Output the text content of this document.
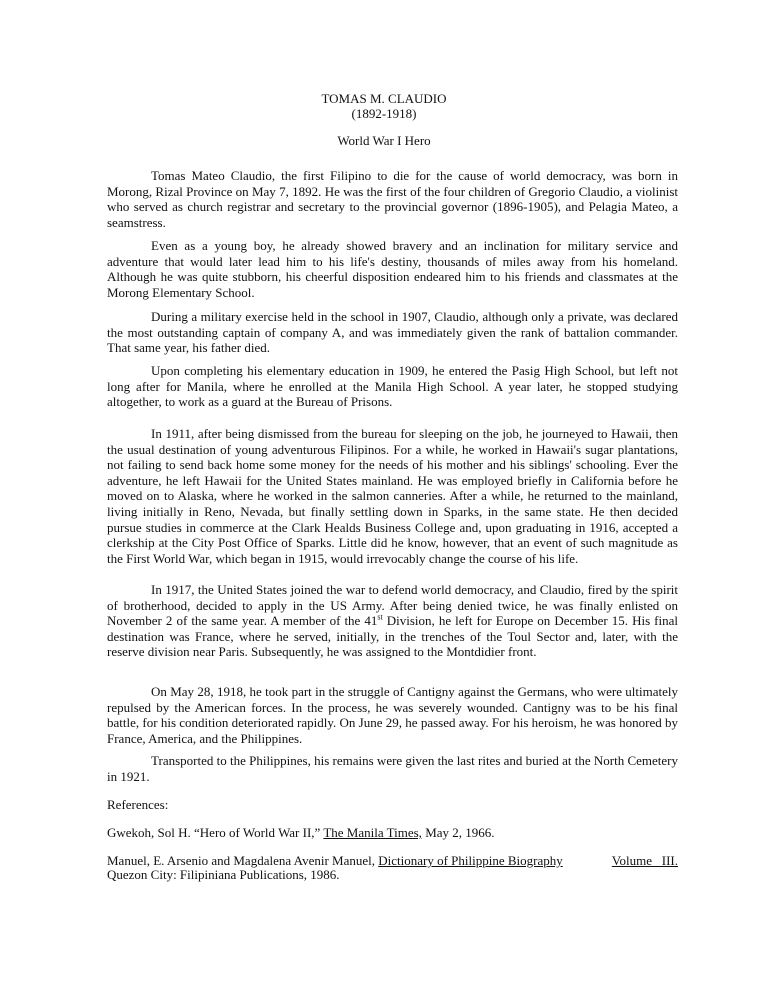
TOMAS M. CLAUDIO

(1892-1918)

World War I Hero

Tomas Mateo Claudio, the first Filipino to die for the cause of world democracy, was born in Morong, Rizal Province on May 7, 1892. He was the first of the four children of Gregorio Claudio, a violinist who served as church registrar and secretary to the provincial governor (1896-1905), and Pelagia Mateo, a seamstress.

Even as a young boy, he already showed bravery and an inclination for military service and adventure that would later lead him to his life's destiny, thousands of miles away from his homeland. Although he was quite stubborn, his cheerful disposition endeared him to his friends and classmates at the Morong Elementary School.

During a military exercise held in the school in 1907, Claudio, although only a private, was declared the most outstanding captain of company A, and was immediately given the rank of battalion commander. That same year, his father died.

Upon completing his elementary education in 1909, he entered the Pasig High School, but left not long after for Manila, where he enrolled at the Manila High School. A year later, he stopped studying altogether, to work as a guard at the Bureau of Prisons.

In 1911, after being dismissed from the bureau for sleeping on the job, he journeyed to Hawaii, then the usual destination of young adventurous Filipinos. For a while, he worked in Hawaii's sugar plantations, not failing to send back home some money for the needs of his mother and his siblings' schooling. Ever the adventure, he left Hawaii for the United States mainland. He was employed briefly in California before he moved on to Alaska, where he worked in the salmon canneries. After a while, he returned to the mainland, living initially in Reno, Nevada, but finally settling down in Sparks, in the same state. He then decided pursue studies in commerce at the Clark Healds Business College and, upon graduating in 1916, accepted a clerkship at the City Post Office of Sparks. Little did he know, however, that an event of such magnitude as the First World War, which began in 1915, would irrevocably change the course of his life.

In 1917, the United States joined the war to defend world democracy, and Claudio, fired by the spirit of brotherhood, decided to apply in the US Army. After being denied twice, he was finally enlisted on November 2 of the same year. A member of the 41st Division, he left for Europe on December 15. His final destination was France, where he served, initially, in the trenches of the Toul Sector and, later, with the reserve division near Paris. Subsequently, he was assigned to the Montdidier front.

On May 28, 1918, he took part in the struggle of Cantigny against the Germans, who were ultimately repulsed by the American forces. In the process, he was severely wounded. Cantigny was to be his final battle, for his condition deteriorated rapidly. On June 29, he passed away. For his heroism, he was honored by France, America, and the Philippines.

Transported to the Philippines, his remains were given the last rites and buried at the North Cemetery in 1921.

References:

Gwekoh, Sol H. “Hero of World War II,” The Manila Times, May 2, 1966.

Manuel, E. Arsenio and Magdalena Avenir Manuel, Dictionary of Philippine Biography	Volume   III.

Quezon City: Filipiniana Publications, 1986.
